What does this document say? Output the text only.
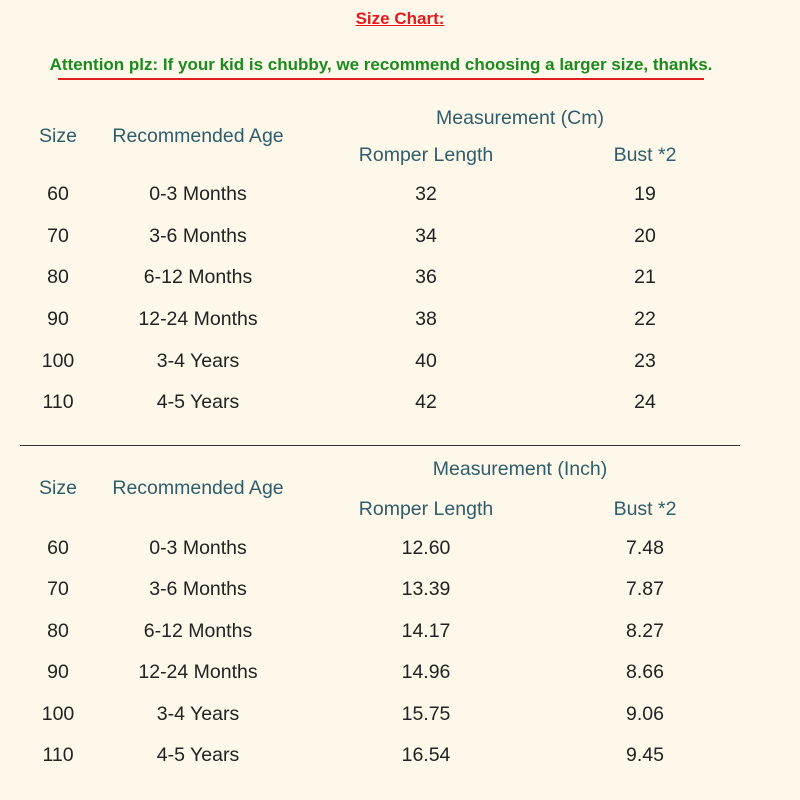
Size Chart:
Attention plz: If your kid is chubby, we recommend choosing a larger size, thanks.
Size Recommended Age
Measurement (Cm)
Romper Length	Bust *2
60	0-3 Months	32	19
70	3-6 Months	34	20
80	6-12 Months	36	21
90	12-24 Months	38	22
100	3-4 Years	40	23
110	4-5 Years	42	24
Size Recommended Age
Measurement (Inch)
Romper Length	Bust *2
60	0-3 Months	12.60	7.48
70	3-6 Months	13.39	7.87
80	6-12 Months	14.17	8.27
90	12-24 Months	14.96	8.66
100	3-4 Years	15.75	9.06
110	4-5 Years	16.54	9.45
